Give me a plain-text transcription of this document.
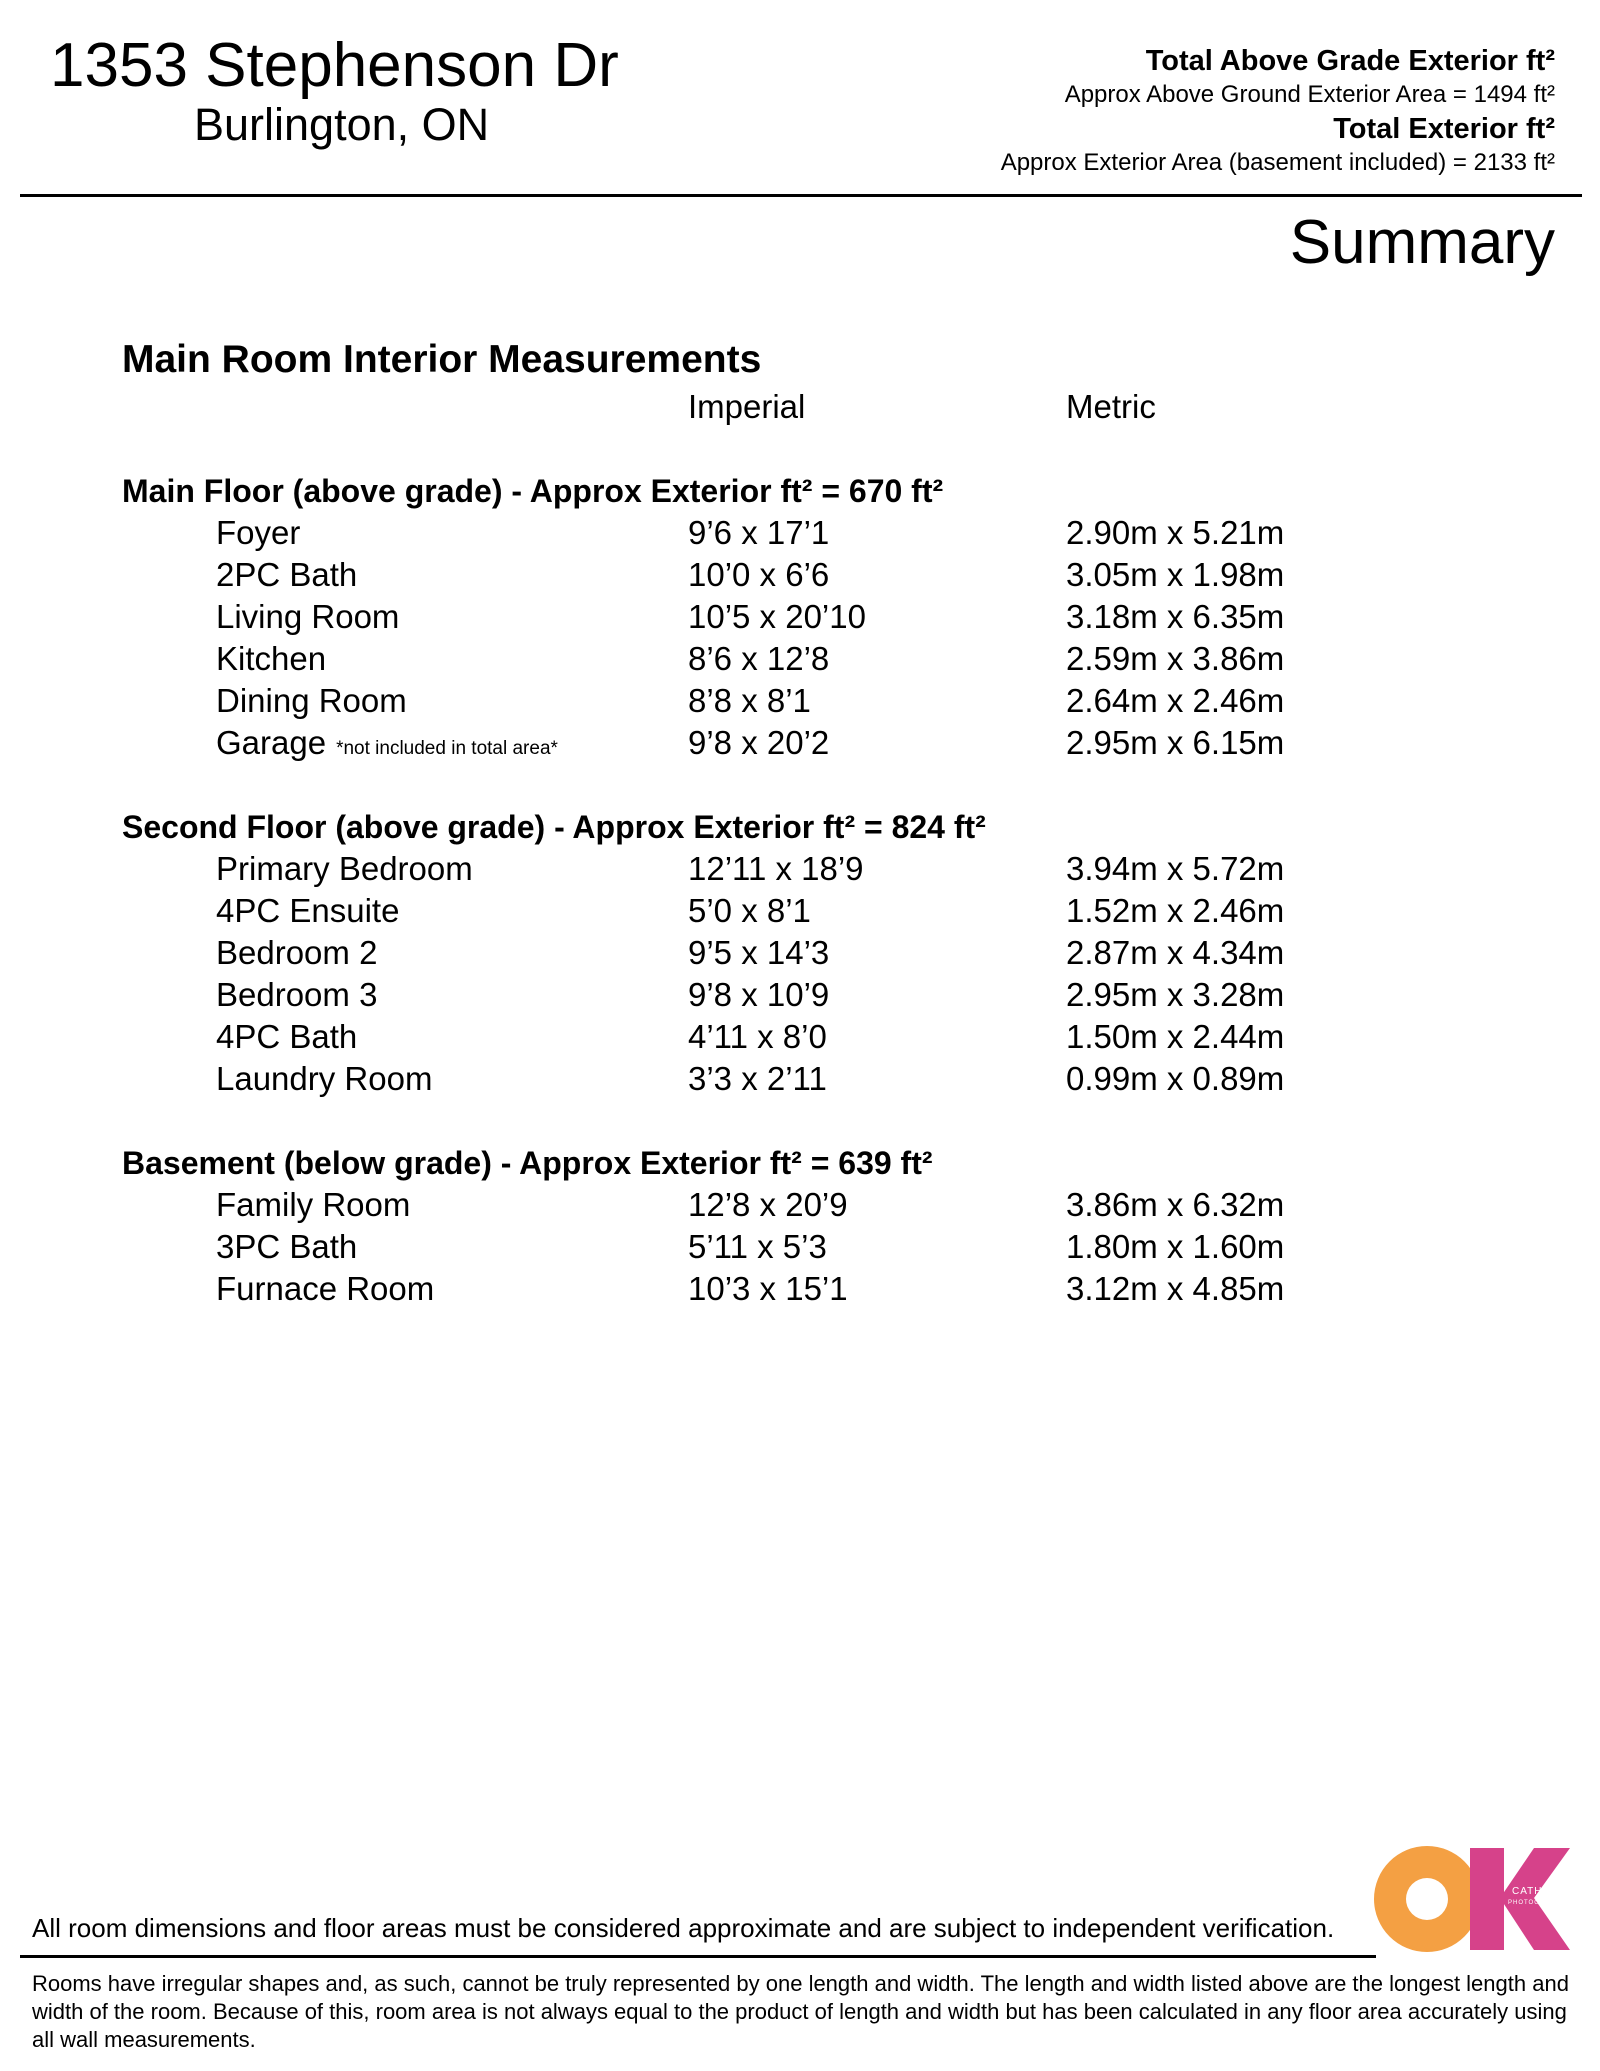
1353 Stephenson Dr
Burlington, ON
Total Above Grade Exterior ft²
Approx Above Ground Exterior Area = 1494 ft²
Total Exterior ft²
Approx Exterior Area (basement included) = 2133 ft²
Summary
Main Room Interior Measurements
Imperial	Metric
Main Floor (above grade) - Approx Exterior ft² = 670 ft²
Foyer	9’6 x 17’1	2.90m x 5.21m
2PC Bath	10’0 x 6’6	3.05m x 1.98m
Living Room	10’5 x 20’10	3.18m x 6.35m
Kitchen	8’6 x 12’8	2.59m x 3.86m
Dining Room	8’8 x 8’1	2.64m x 2.46m
Garage *not included in total area*	9’8 x 20’2	2.95m x 6.15m
Second Floor (above grade) - Approx Exterior ft² = 824 ft²
Primary Bedroom	12’11 x 18’9	3.94m x 5.72m
4PC Ensuite	5’0 x 8’1	1.52m x 2.46m
Bedroom 2	9’5 x 14’3	2.87m x 4.34m
Bedroom 3	9’8 x 10’9	2.95m x 3.28m
4PC Bath	4’11 x 8’0	1.50m x 2.44m
Laundry Room	3’3 x 2’11	0.99m x 0.89m
Basement (below grade) - Approx Exterior ft² = 639 ft²
Family Room	12’8 x 20’9	3.86m x 6.32m
3PC Bath	5’11 x 5’3	1.80m x 1.60m
Furnace Room	10’3 x 15’1	3.12m x 4.85m
All room dimensions and floor areas must be considered approximate and are subject to independent verification.
Rooms have irregular shapes and, as such, cannot be truly represented by one length and width. The length and width listed above are the longest length and width of the room. Because of this, room area is not always equal to the product of length and width but has been calculated in any floor area accurately using all wall measurements.
CATHY KOOP
PHOTOGRAPHY
